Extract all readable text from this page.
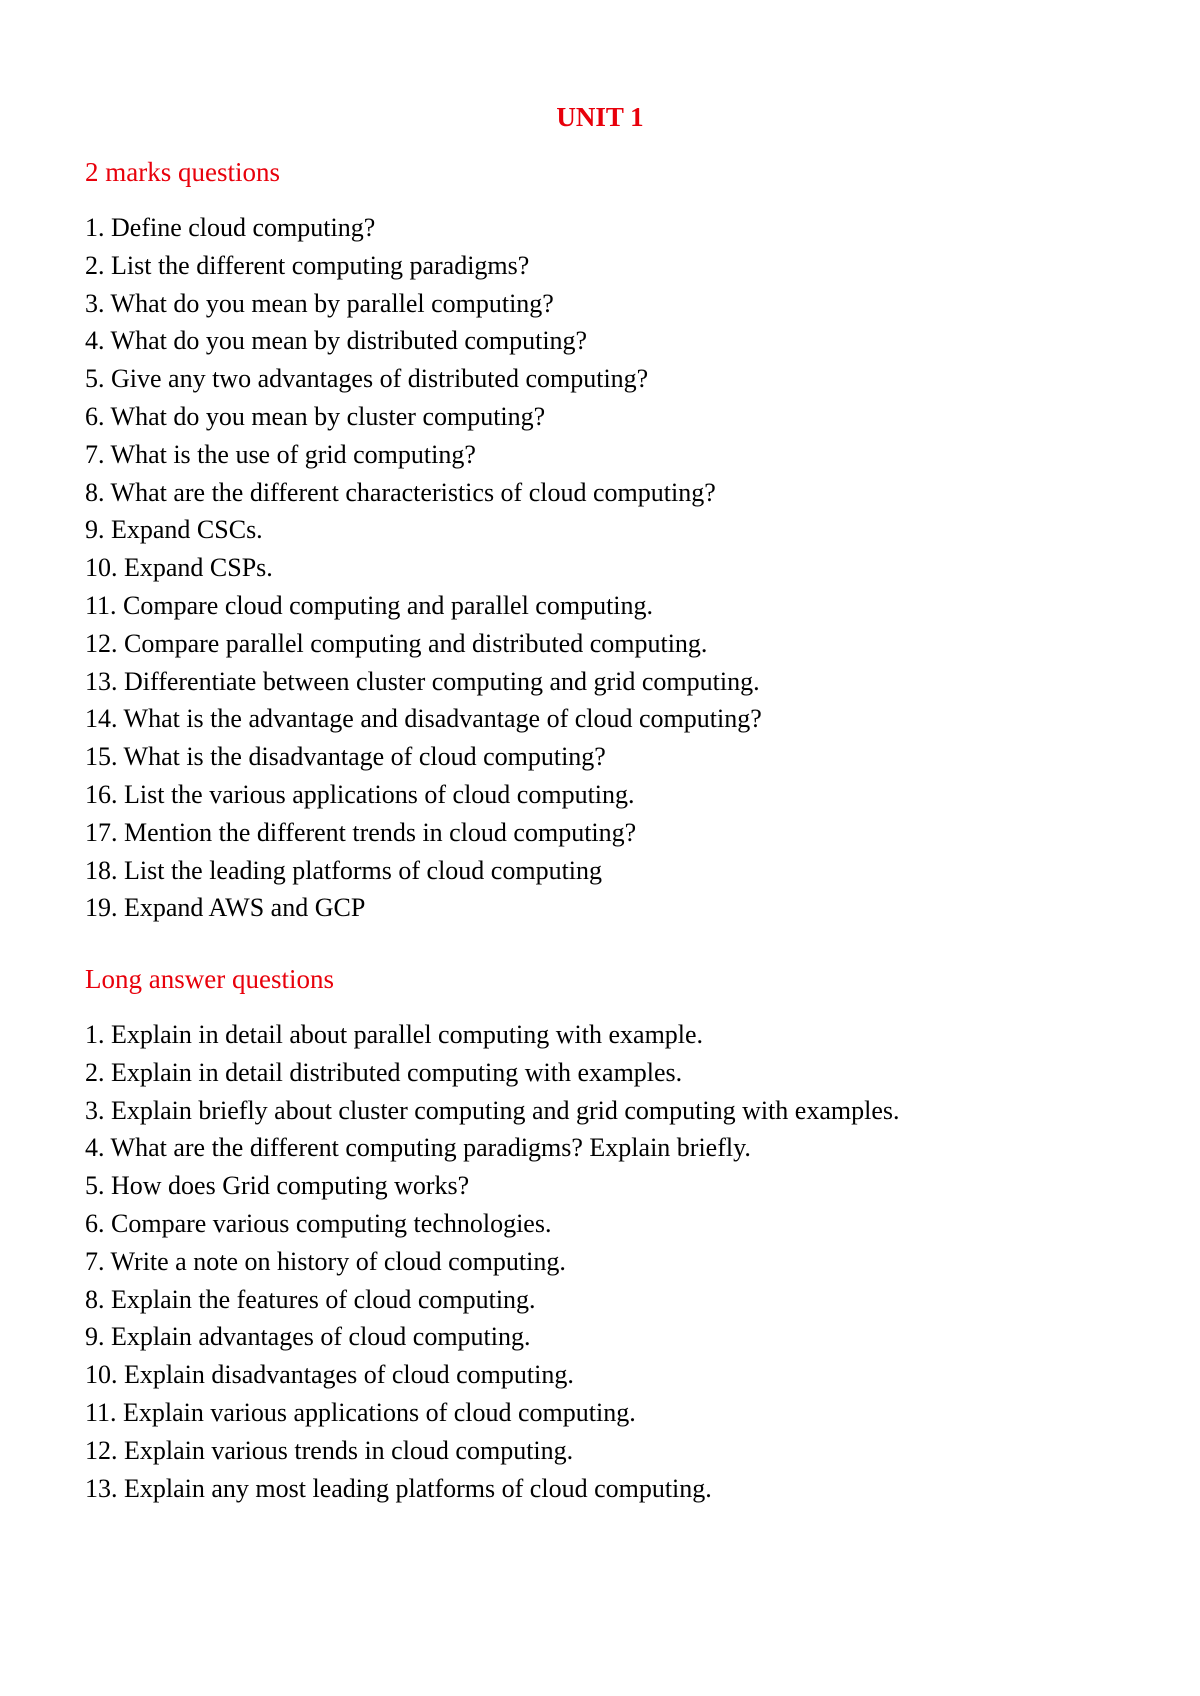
UNIT 1
2 marks questions
1. Define cloud computing?
2. List the different computing paradigms?
3. What do you mean by parallel computing?
4. What do you mean by distributed computing?
5. Give any two advantages of distributed computing?
6. What do you mean by cluster computing?
7. What is the use of grid computing?
8. What are the different characteristics of cloud computing?
9. Expand CSCs.
10. Expand CSPs.
11. Compare cloud computing and parallel computing.
12. Compare parallel computing and distributed computing.
13. Differentiate between cluster computing and grid computing.
14. What is the advantage and disadvantage of cloud computing?
15. What is the disadvantage of cloud computing?
16. List the various applications of cloud computing.
17. Mention the different trends in cloud computing?
18. List the leading platforms of cloud computing
19. Expand AWS and GCP
Long answer questions
1. Explain in detail about parallel computing with example.
2. Explain in detail distributed computing with examples.
3. Explain briefly about cluster computing and grid computing with examples.
4. What are the different computing paradigms? Explain briefly.
5. How does Grid computing works?
6. Compare various computing technologies.
7. Write a note on history of cloud computing.
8. Explain the features of cloud computing.
9. Explain advantages of cloud computing.
10. Explain disadvantages of cloud computing.
11. Explain various applications of cloud computing.
12. Explain various trends in cloud computing.
13. Explain any most leading platforms of cloud computing.
